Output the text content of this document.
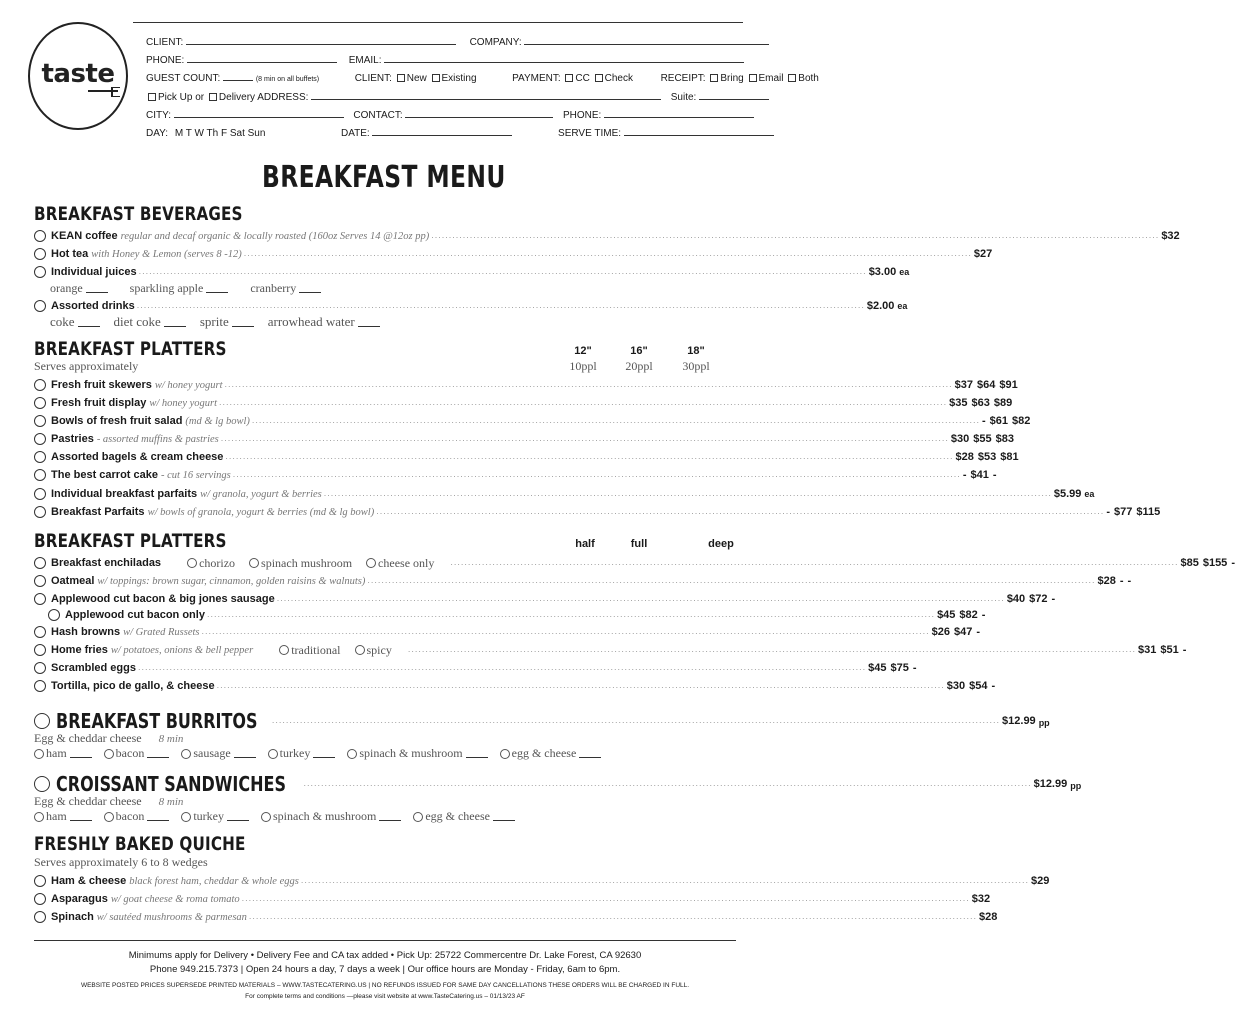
taste
CLIENT:	COMPANY:
PHONE:	EMAIL:
GUEST COUNT:	(8 min on all buffets)	CLIENT: New Existing	PAYMENT: CC Check	RECEIPT: Bring Email Both
Pick Up or Delivery ADDRESS:	Suite:
CITY:	CONTACT:	PHONE:
DAY: M T W Th F Sat Sun	DATE:	SERVE TIME:
BREAKFAST MENU
BREAKFAST BEVERAGES
KEAN coffee regular and decaf organic & locally roasted (160oz Serves 14 @12oz pp) .....	$32
Hot tea with Honey & Lemon (serves 8 -12) .....	$27
Individual juices .....	$3.00 ea
orange	sparkling apple	cranberry
Assorted drinks .....	$2.00 ea
coke	diet coke	sprite	arrowhead water
BREAKFAST PLATTERS
Serves approximately
12"	16"	18"
10ppl	20ppl	30ppl
Fresh fruit skewers w/ honey yogurt .....	$37 $64 $91
Fresh fruit display w/ honey yogurt .....	$35 $63 $89
Bowls of fresh fruit salad (md & lg bowl) .....	- $61 $82
Pastries - assorted muffins & pastries .....	$30 $55 $83
Assorted bagels & cream cheese .....	$28 $53 $81
The best carrot cake - cut 16 servings .....	- $41 -
Individual breakfast parfaits w/ granola, yogurt & berries .....	$5.99 ea
Breakfast Parfaits w/ bowls of granola, yogurt & berries (md & lg bowl) .....	- $77 $115
BREAKFAST PLATTERS	half	full	deep
Breakfast enchiladas	chorizo spinach mushroom cheese only .....	$85 $155 -
Oatmeal w/ toppings: brown sugar, cinnamon, golden raisins & walnuts) .....	$28 - -
Applewood cut bacon & big jones sausage .....	$40 $72 -
Applewood cut bacon only .....	$45 $82 -
Hash browns w/ Grated Russets .....	$26 $47 -
Home fries w/ potatoes, onions & bell pepper	traditional spicy .....	$31 $51 -
Scrambled eggs .....	$45 $75 -
Tortilla, pico de gallo, & cheese .....	$30 $54 -
BREAKFAST BURRITOS .....	$12.99 pp
Egg & cheddar cheese 8 min
ham	bacon	sausage	turkey	spinach & mushroom	egg & cheese
CROISSANT SANDWICHES .....	$12.99 pp
Egg & cheddar cheese 8 min
ham	bacon	turkey	spinach & mushroom	egg & cheese
FRESHLY BAKED QUICHE
Serves approximately 6 to 8 wedges
Ham & cheese black forest ham, cheddar & whole eggs .....	$29
Asparagus w/ goat cheese & roma tomato .....	$32
Spinach w/ sautéed mushrooms & parmesan .....	$28
Minimums apply for Delivery • Delivery Fee and CA tax added • Pick Up: 25722 Commercentre Dr. Lake Forest, CA 92630
Phone 949.215.7373 | Open 24 hours a day, 7 days a week | Our office hours are Monday - Friday, 6am to 6pm.
WEBSITE POSTED PRICES SUPERSEDE PRINTED MATERIALS – WWW.TASTECATERING.US | NO REFUNDS ISSUED FOR SAME DAY CANCELLATIONS THESE ORDERS WILL BE CHARGED IN FULL.
For complete terms and conditions —please visit website at www.TasteCatering.us – 01/13/23 AF
